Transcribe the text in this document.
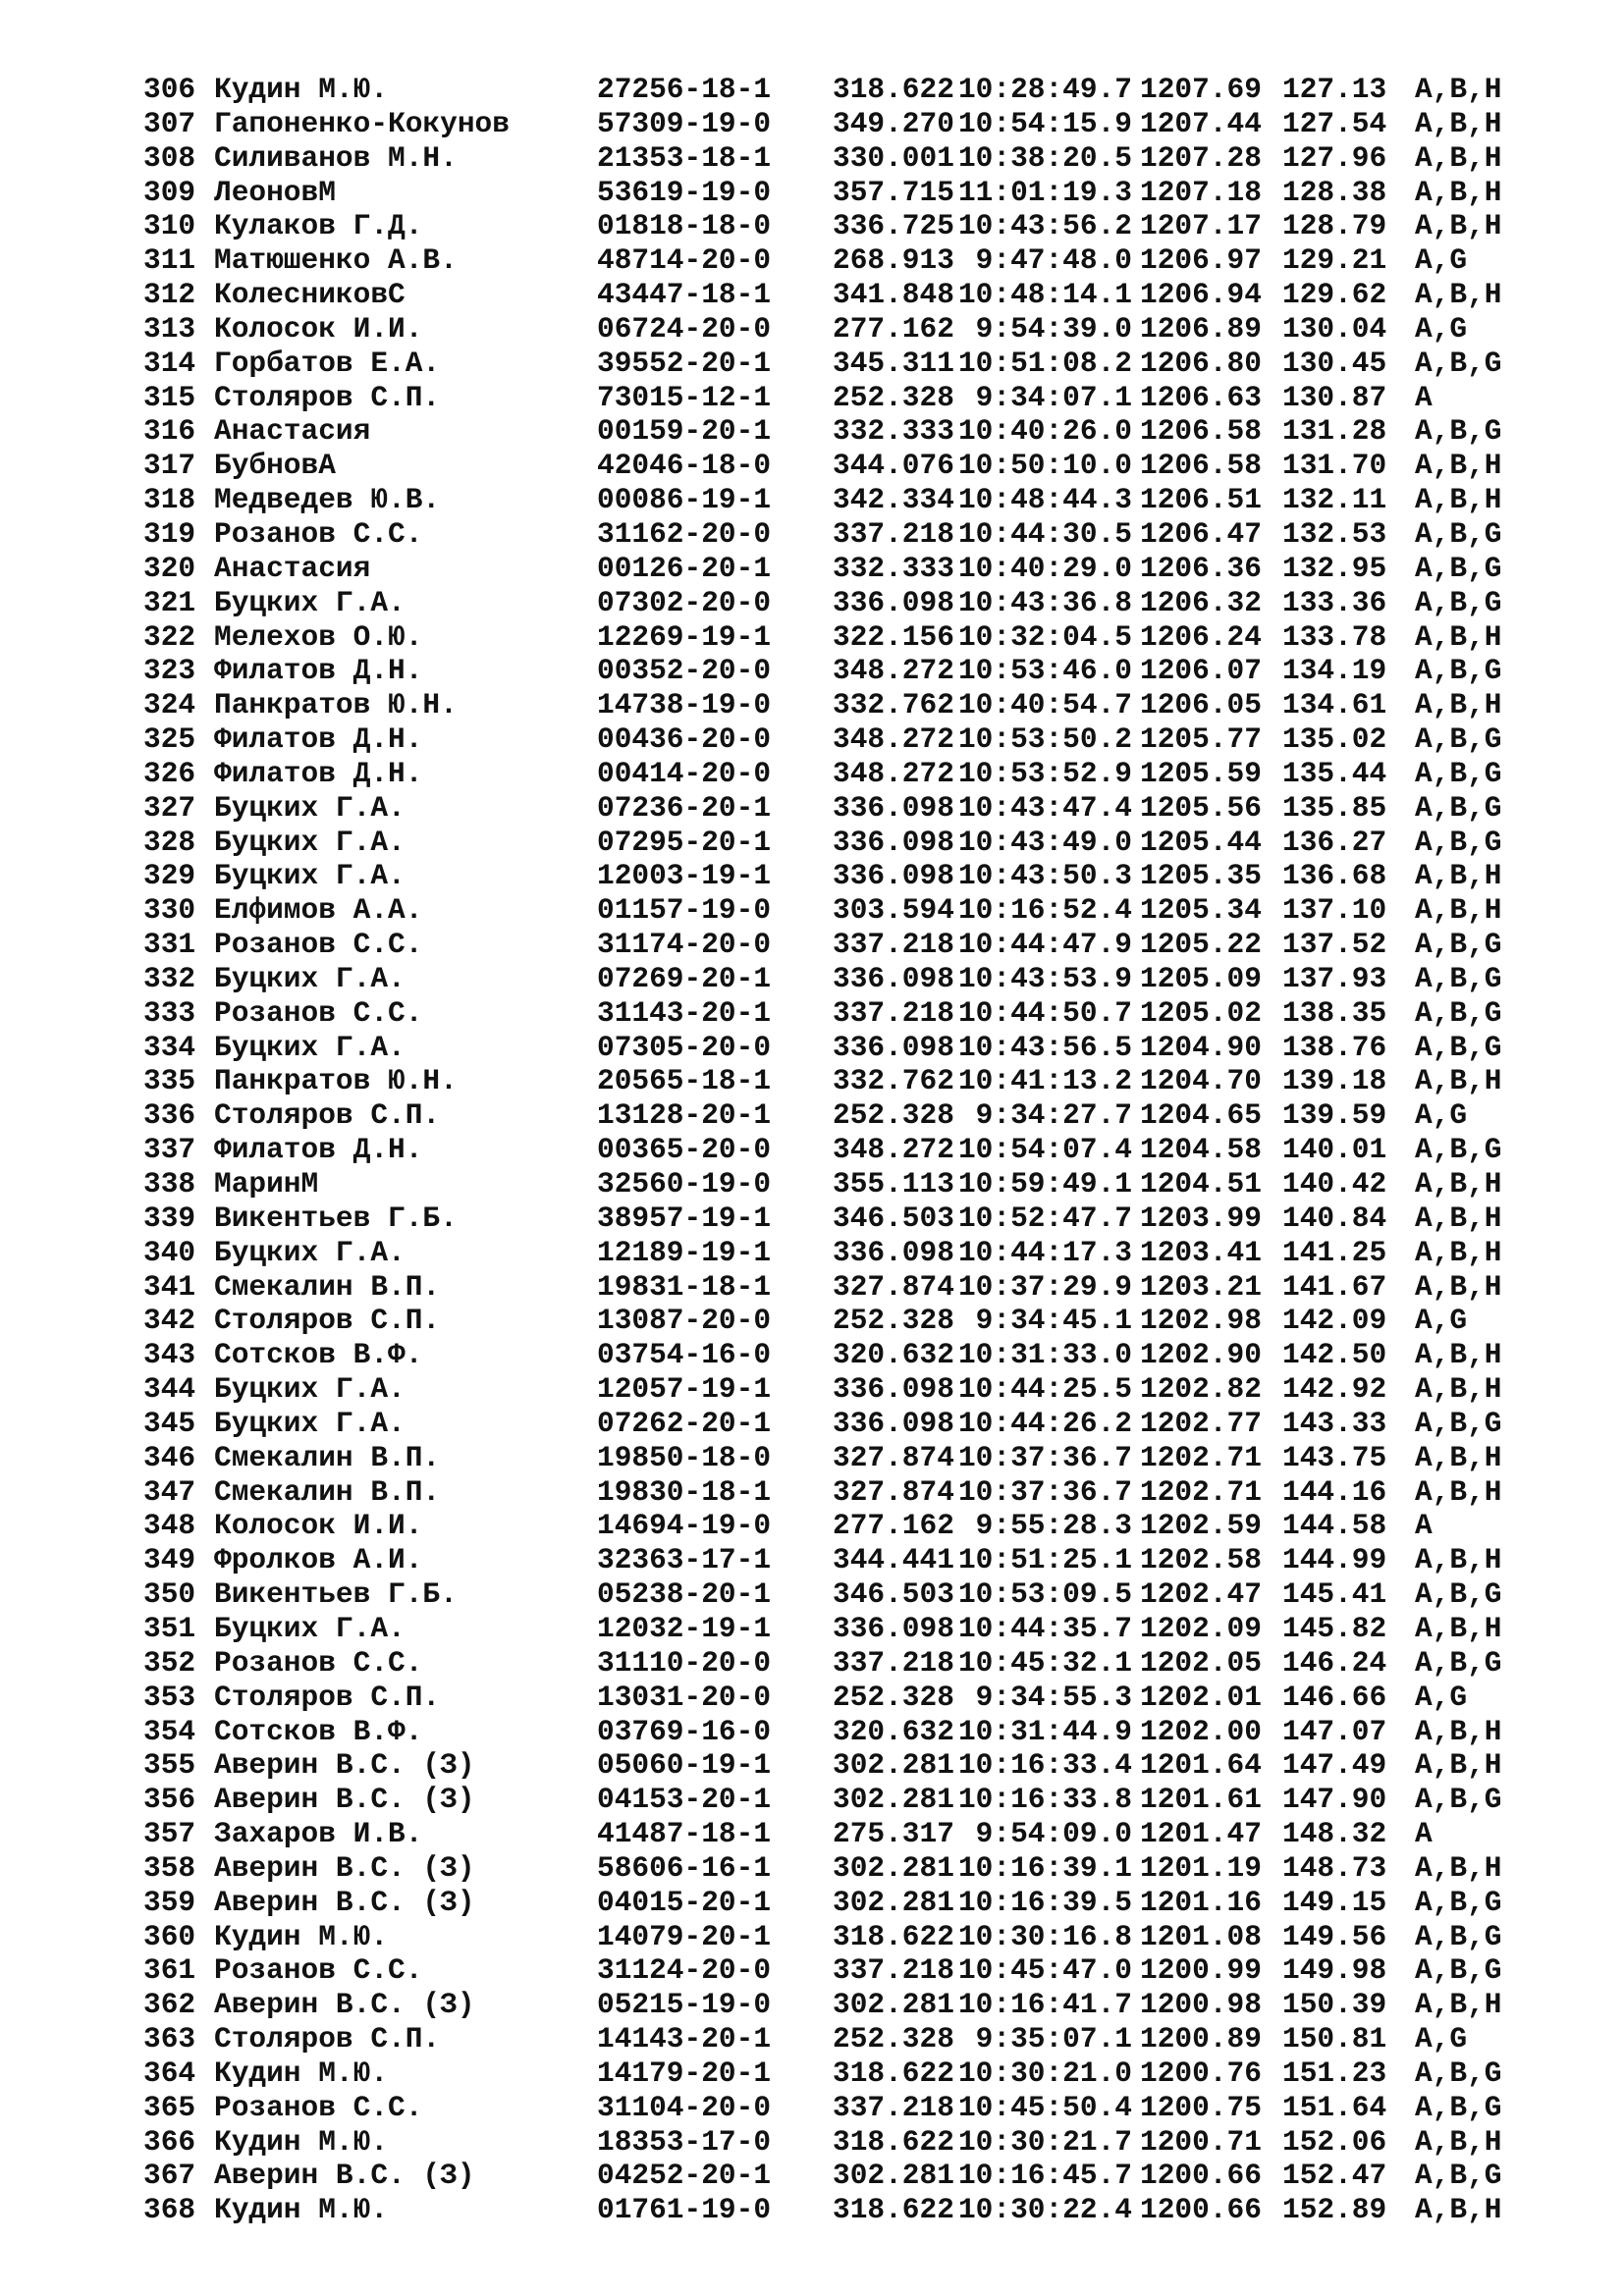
306 Кудин М.Ю.	27256-18-1	318.622 10:28:49.7 1207.69 127.13 A,B,H
307 Гапоненко-Кокунов	57309-19-0	349.270 10:54:15.9 1207.44 127.54 A,B,H
308 Силиванов М.Н.	21353-18-1	330.001 10:38:20.5 1207.28 127.96 A,B,H
309 ЛеоновМ	53619-19-0	357.715 11:01:19.3 1207.18 128.38 A,B,H
310 Кулаков Г.Д.	01818-18-0	336.725 10:43:56.2 1207.17 128.79 A,B,H
311 Матюшенко А.В.	48714-20-0	268.913 9:47:48.0 1206.97 129.21 A,G
312 КолесниковС	43447-18-1	341.848 10:48:14.1 1206.94 129.62 A,B,H
313 Колосок И.И.	06724-20-0	277.162 9:54:39.0 1206.89 130.04 A,G
314 Горбатов Е.А.	39552-20-1	345.311 10:51:08.2 1206.80 130.45 A,B,G
315 Столяров С.П.	73015-12-1	252.328 9:34:07.1 1206.63 130.87 A
316 Анастасия	00159-20-1	332.333 10:40:26.0 1206.58 131.28 A,B,G
317 БубновА	42046-18-0	344.076 10:50:10.0 1206.58 131.70 A,B,H
318 Медведев Ю.В.	00086-19-1	342.334 10:48:44.3 1206.51 132.11 A,B,H
319 Розанов С.С.	31162-20-0	337.218 10:44:30.5 1206.47 132.53 A,B,G
320 Анастасия	00126-20-1	332.333 10:40:29.0 1206.36 132.95 A,B,G
321 Буцких Г.А.	07302-20-0	336.098 10:43:36.8 1206.32 133.36 A,B,G
322 Мелехов О.Ю.	12269-19-1	322.156 10:32:04.5 1206.24 133.78 A,B,H
323 Филатов Д.Н.	00352-20-0	348.272 10:53:46.0 1206.07 134.19 A,B,G
324 Панкратов Ю.Н.	14738-19-0	332.762 10:40:54.7 1206.05 134.61 A,B,H
325 Филатов Д.Н.	00436-20-0	348.272 10:53:50.2 1205.77 135.02 A,B,G
326 Филатов Д.Н.	00414-20-0	348.272 10:53:52.9 1205.59 135.44 A,B,G
327 Буцких Г.А.	07236-20-1	336.098 10:43:47.4 1205.56 135.85 A,B,G
328 Буцких Г.А.	07295-20-1	336.098 10:43:49.0 1205.44 136.27 A,B,G
329 Буцких Г.А.	12003-19-1	336.098 10:43:50.3 1205.35 136.68 A,B,H
330 Елфимов А.А.	01157-19-0	303.594 10:16:52.4 1205.34 137.10 A,B,H
331 Розанов С.С.	31174-20-0	337.218 10:44:47.9 1205.22 137.52 A,B,G
332 Буцких Г.А.	07269-20-1	336.098 10:43:53.9 1205.09 137.93 A,B,G
333 Розанов С.С.	31143-20-1	337.218 10:44:50.7 1205.02 138.35 A,B,G
334 Буцких Г.А.	07305-20-0	336.098 10:43:56.5 1204.90 138.76 A,B,G
335 Панкратов Ю.Н.	20565-18-1	332.762 10:41:13.2 1204.70 139.18 A,B,H
336 Столяров С.П.	13128-20-1	252.328 9:34:27.7 1204.65 139.59 A,G
337 Филатов Д.Н.	00365-20-0	348.272 10:54:07.4 1204.58 140.01 A,B,G
338 МаринМ	32560-19-0	355.113 10:59:49.1 1204.51 140.42 A,B,H
339 Викентьев Г.Б.	38957-19-1	346.503 10:52:47.7 1203.99 140.84 A,B,H
340 Буцких Г.А.	12189-19-1	336.098 10:44:17.3 1203.41 141.25 A,B,H
341 Смекалин В.П.	19831-18-1	327.874 10:37:29.9 1203.21 141.67 A,B,H
342 Столяров С.П.	13087-20-0	252.328 9:34:45.1 1202.98 142.09 A,G
343 Сотсков В.Ф.	03754-16-0	320.632 10:31:33.0 1202.90 142.50 A,B,H
344 Буцких Г.А.	12057-19-1	336.098 10:44:25.5 1202.82 142.92 A,B,H
345 Буцких Г.А.	07262-20-1	336.098 10:44:26.2 1202.77 143.33 A,B,G
346 Смекалин В.П.	19850-18-0	327.874 10:37:36.7 1202.71 143.75 A,B,H
347 Смекалин В.П.	19830-18-1	327.874 10:37:36.7 1202.71 144.16 A,B,H
348 Колосок И.И.	14694-19-0	277.162 9:55:28.3 1202.59 144.58 A
349 Фролков А.И.	32363-17-1	344.441 10:51:25.1 1202.58 144.99 A,B,H
350 Викентьев Г.Б.	05238-20-1	346.503 10:53:09.5 1202.47 145.41 A,B,G
351 Буцких Г.А.	12032-19-1	336.098 10:44:35.7 1202.09 145.82 A,B,H
352 Розанов С.С.	31110-20-0	337.218 10:45:32.1 1202.05 146.24 A,B,G
353 Столяров С.П.	13031-20-0	252.328 9:34:55.3 1202.01 146.66 A,G
354 Сотсков В.Ф.	03769-16-0	320.632 10:31:44.9 1202.00 147.07 A,B,H
355 Аверин В.С. (З)	05060-19-1	302.281 10:16:33.4 1201.64 147.49 A,B,H
356 Аверин В.С. (З)	04153-20-1	302.281 10:16:33.8 1201.61 147.90 A,B,G
357 Захаров И.В.	41487-18-1	275.317 9:54:09.0 1201.47 148.32 A
358 Аверин В.С. (З)	58606-16-1	302.281 10:16:39.1 1201.19 148.73 A,B,H
359 Аверин В.С. (З)	04015-20-1	302.281 10:16:39.5 1201.16 149.15 A,B,G
360 Кудин М.Ю.	14079-20-1	318.622 10:30:16.8 1201.08 149.56 A,B,G
361 Розанов С.С.	31124-20-0	337.218 10:45:47.0 1200.99 149.98 A,B,G
362 Аверин В.С. (З)	05215-19-0	302.281 10:16:41.7 1200.98 150.39 A,B,H
363 Столяров С.П.	14143-20-1	252.328 9:35:07.1 1200.89 150.81 A,G
364 Кудин М.Ю.	14179-20-1	318.622 10:30:21.0 1200.76 151.23 A,B,G
365 Розанов С.С.	31104-20-0	337.218 10:45:50.4 1200.75 151.64 A,B,G
366 Кудин М.Ю.	18353-17-0	318.622 10:30:21.7 1200.71 152.06 A,B,H
367 Аверин В.С. (З)	04252-20-1	302.281 10:16:45.7 1200.66 152.47 A,B,G
368 Кудин М.Ю.	01761-19-0	318.622 10:30:22.4 1200.66 152.89 A,B,H
